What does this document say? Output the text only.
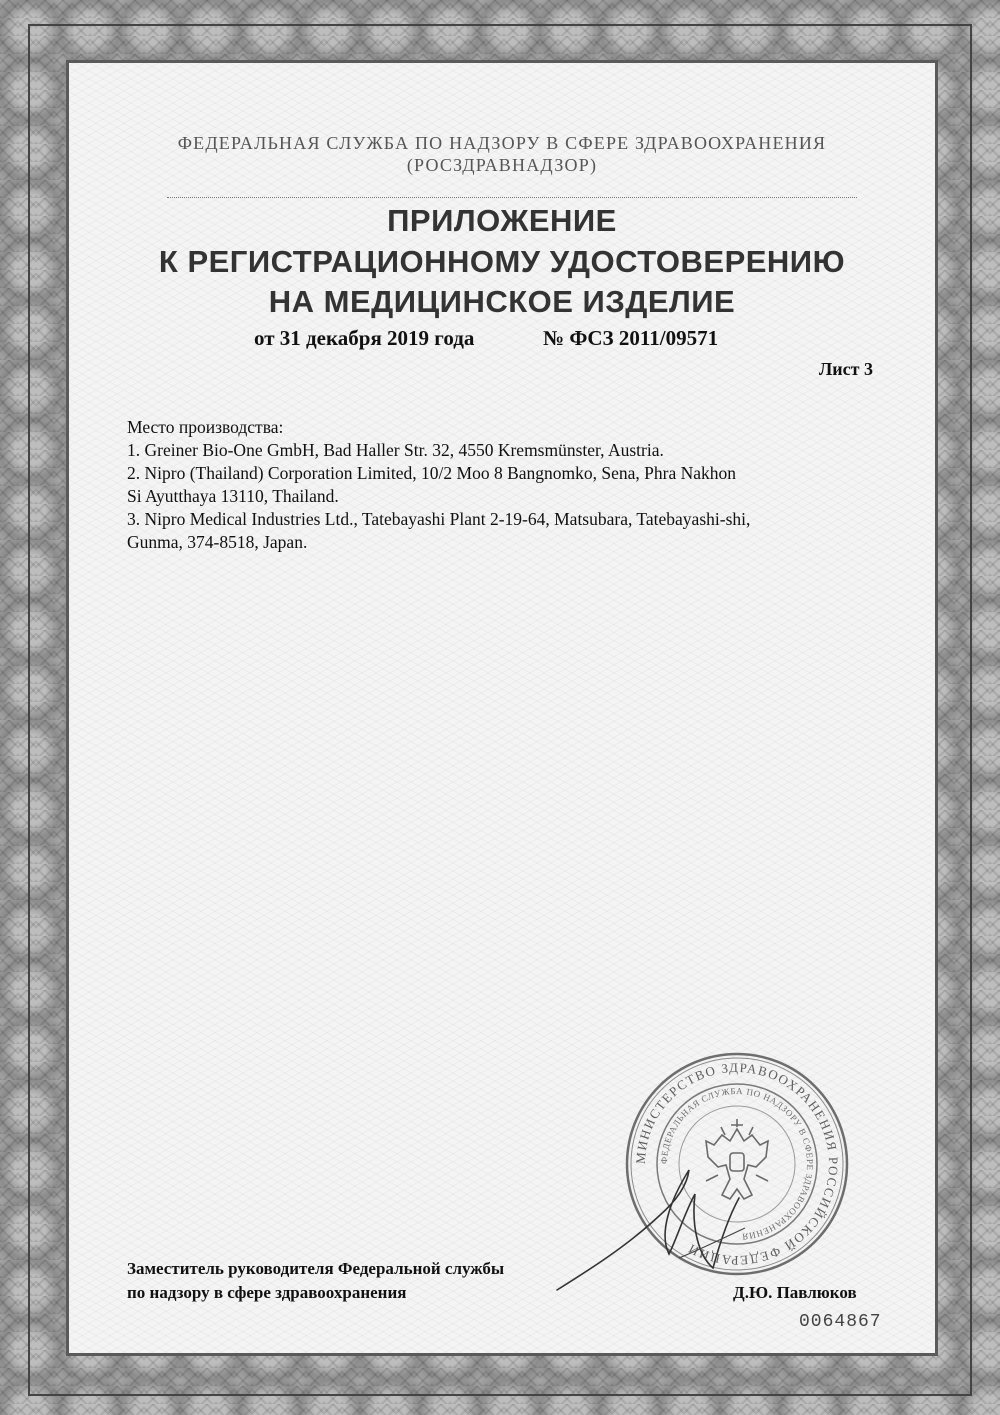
ФЕДЕРАЛЬНАЯ СЛУЖБА ПО НАДЗОРУ В СФЕРЕ ЗДРАВООХРАНЕНИЯ
(РОСЗДРАВНАДЗОР)
ПРИЛОЖЕНИЕ
К РЕГИСТРАЦИОННОМУ УДОСТОВЕРЕНИЮ
НА МЕДИЦИНСКОЕ ИЗДЕЛИЕ
от 31 декабря 2019 года	№ ФСЗ 2011/09571
Лист 3
Место производства:
1. Greiner Bio-One GmbH, Bad Haller Str. 32, 4550 Kremsmünster, Austria.
2. Nipro (Thailand) Corporation Limited, 10/2 Moo 8 Bangnomko, Sena, Phra Nakhon
Si Ayutthaya 13110, Thailand.
3. Nipro Medical Industries Ltd., Tatebayashi Plant 2-19-64, Matsubara, Tatebayashi-shi,
Gunma, 374-8518, Japan.
МИНИСТЕРСТВО ЗДРАВООХРАНЕНИЯ РОССИЙСКОЙ ФЕДЕРАЦИИ
ФЕДЕРАЛЬНАЯ СЛУЖБА ПО НАДЗОРУ В СФЕРЕ ЗДРАВООХРАНЕНИЯ
Заместитель руководителя Федеральной службы
по надзору в сфере здравоохранения	Д.Ю. Павлюков
0064867
